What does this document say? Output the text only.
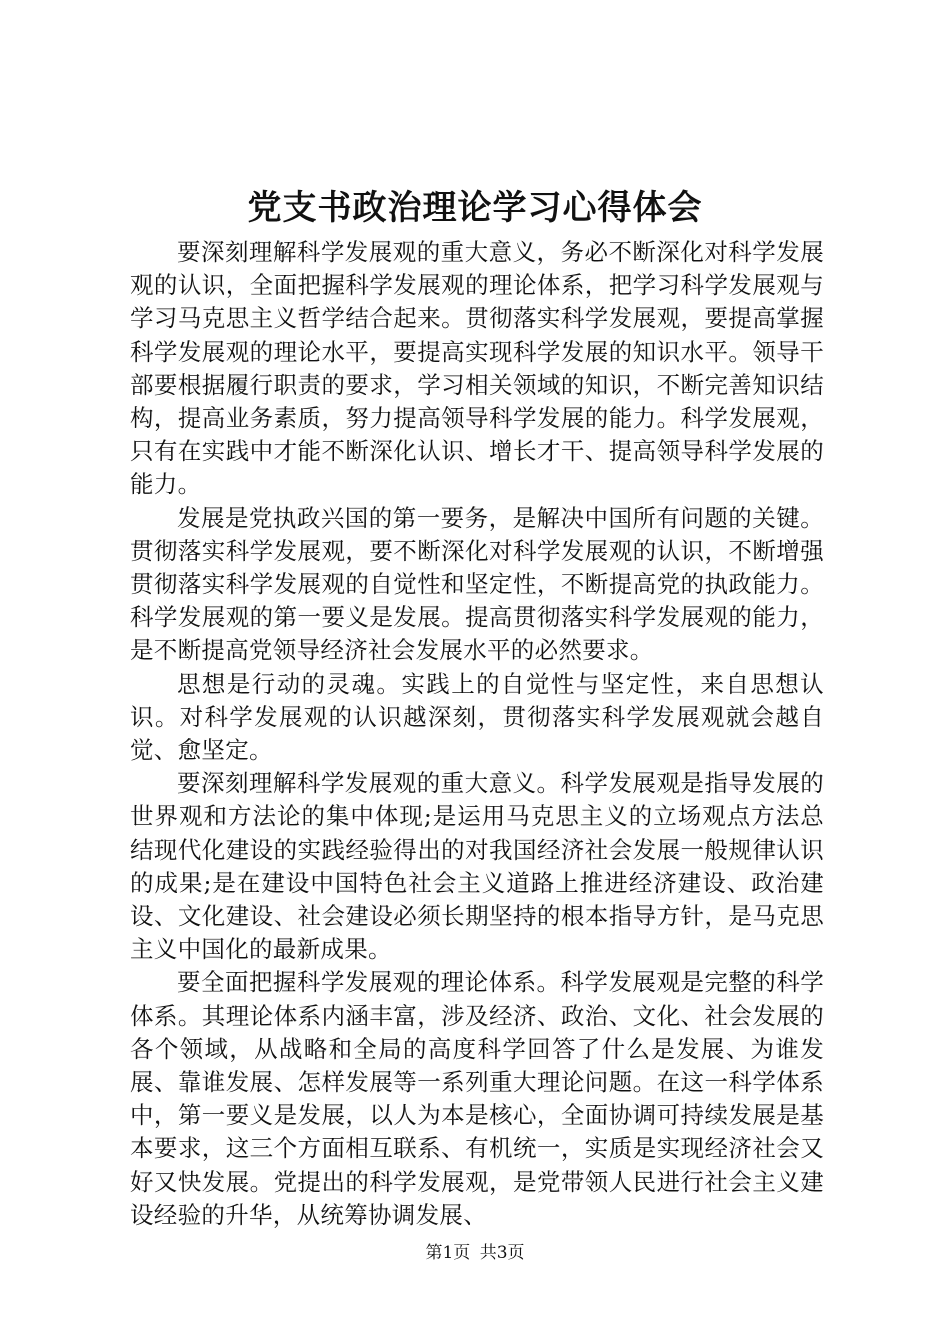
党支书政治理论学习心得体会

要深刻理解科学发展观的重大意义，务必不断深化对科学发展观的认识，全面把握科学发展观的理论体系，把学习科学发展观与学习马克思主义哲学结合起来。贯彻落实科学发展观，要提高掌握科学发展观的理论水平，要提高实现科学发展的知识水平。领导干部要根据履行职责的要求，学习相关领域的知识，不断完善知识结构，提高业务素质，努力提高领导科学发展的能力。科学发展观，只有在实践中才能不断深化认识、增长才干、提高领导科学发展的能力。

发展是党执政兴国的第一要务，是解决中国所有问题的关键。贯彻落实科学发展观，要不断深化对科学发展观的认识，不断增强贯彻落实科学发展观的自觉性和坚定性，不断提高党的执政能力。科学发展观的第一要义是发展。提高贯彻落实科学发展观的能力，是不断提高党领导经济社会发展水平的必然要求。

思想是行动的灵魂。实践上的自觉性与坚定性，来自思想认识。对科学发展观的认识越深刻，贯彻落实科学发展观就会越自觉、愈坚定。

要深刻理解科学发展观的重大意义。科学发展观是指导发展的世界观和方法论的集中体现;是运用马克思主义的立场观点方法总结现代化建设的实践经验得出的对我国经济社会发展一般规律认识的成果;是在建设中国特色社会主义道路上推进经济建设、政治建设、文化建设、社会建设必须长期坚持的根本指导方针，是马克思主义中国化的最新成果。

要全面把握科学发展观的理论体系。科学发展观是完整的科学体系。其理论体系内涵丰富，涉及经济、政治、文化、社会发展的各个领域，从战略和全局的高度科学回答了什么是发展、为谁发展、靠谁发展、怎样发展等一系列重大理论问题。在这一科学体系中，第一要义是发展，以人为本是核心，全面协调可持续发展是基本要求，这三个方面相互联系、有机统一，实质是实现经济社会又好又快发展。党提出的科学发展观，是党带领人民进行社会主义建设经验的升华，从统筹协调发展、

第1页 共3页
